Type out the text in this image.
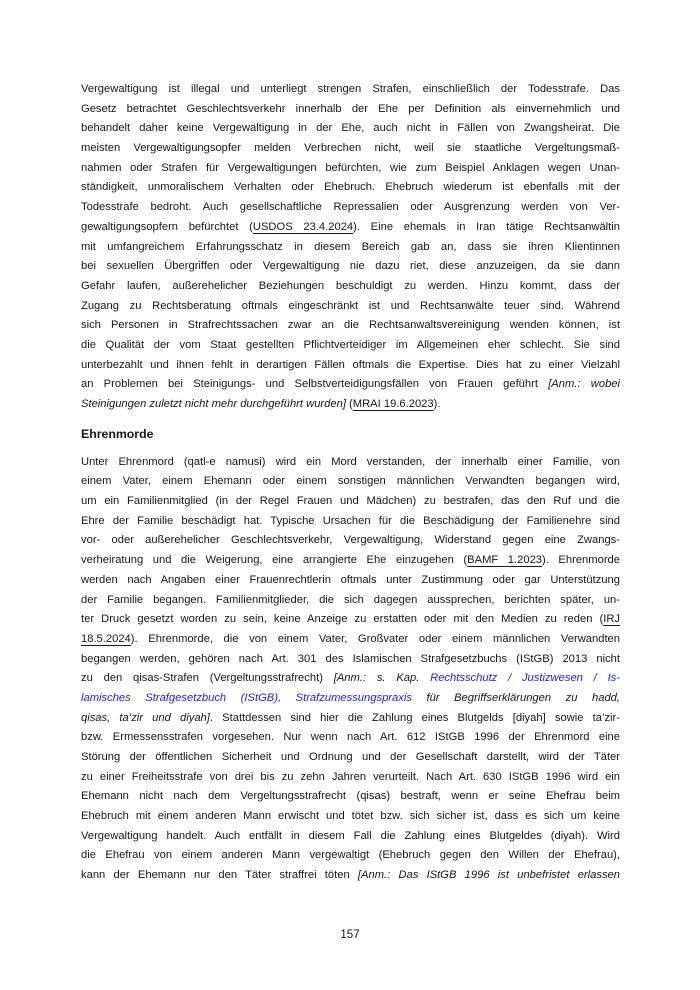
Vergewaltigung ist illegal und unterliegt strengen Strafen, einschließlich der Todesstrafe. Das
Gesetz betrachtet Geschlechtsverkehr innerhalb der Ehe per Definition als einvernehmlich und
behandelt daher keine Vergewaltigung in der Ehe, auch nicht in Fällen von Zwangsheirat. Die
meisten Vergewaltigungsopfer melden Verbrechen nicht, weil sie staatliche Vergeltungsmaß-
nahmen oder Strafen für Vergewaltigungen befürchten, wie zum Beispiel Anklagen wegen Unan-
ständigkeit, unmoralischem Verhalten oder Ehebruch. Ehebruch wiederum ist ebenfalls mit der
Todesstrafe bedroht. Auch gesellschaftliche Repressalien oder Ausgrenzung werden von Ver-
gewaltigungsopfern befürchtet (USDOS 23.4.2024). Eine ehemals in Iran tätige Rechtsanwältin
mit umfangreichem Erfahrungsschatz in diesem Bereich gab an, dass sie ihren Klientinnen
bei sexuellen Übergriffen oder Vergewaltigung nie dazu riet, diese anzuzeigen, da sie dann
Gefahr laufen, außerehelicher Beziehungen beschuldigt zu werden. Hinzu kommt, dass der
Zugang zu Rechtsberatung oftmals eingeschränkt ist und Rechtsanwälte teuer sind. Während
sich Personen in Strafrechtssachen zwar an die Rechtsanwaltsvereinigung wenden können, ist
die Qualität der vom Staat gestellten Pflichtverteidiger im Allgemeinen eher schlecht. Sie sind
unterbezahlt und ihnen fehlt in derartigen Fällen oftmals die Expertise. Dies hat zu einer Vielzahl
an Problemen bei Steinigungs- und Selbstverteidigungsfällen von Frauen geführt [Anm.: wobei
Steinigungen zuletzt nicht mehr durchgeführt wurden] (MRAI 19.6.2023).
Ehrenmorde
Unter Ehrenmord (qatl-e namusi) wird ein Mord verstanden, der innerhalb einer Familie, von
einem Vater, einem Ehemann oder einem sonstigen männlichen Verwandten begangen wird,
um ein Familienmitglied (in der Regel Frauen und Mädchen) zu bestrafen, das den Ruf und die
Ehre der Familie beschädigt hat. Typische Ursachen für die Beschädigung der Familienehre sind
vor- oder außerehelicher Geschlechtsverkehr, Vergewaltigung, Widerstand gegen eine Zwangs-
verheiratung und die Weigerung, eine arrangierte Ehe einzugehen (BAMF 1.2023). Ehrenmorde
werden nach Angaben einer Frauenrechtlerin oftmals unter Zustimmung oder gar Unterstützung
der Familie begangen. Familienmitglieder, die sich dagegen aussprechen, berichten später, un-
ter Druck gesetzt worden zu sein, keine Anzeige zu erstatten oder mit den Medien zu reden (IRJ
18.5.2024). Ehrenmorde, die von einem Vater, Großvater oder einem männlichen Verwandten
begangen werden, gehören nach Art. 301 des Islamischen Strafgesetzbuchs (IStGB) 2013 nicht
zu den qisas-Strafen (Vergeltungsstrafrecht) [Anm.: s. Kap. Rechtsschutz / Justizwesen / Is-
lamisches Strafgesetzbuch (IStGB), Strafzumessungspraxis für Begriffserklärungen zu hadd,
qisas, ta’zir und diyah]. Stattdessen sind hier die Zahlung eines Blutgelds [diyah] sowie ta’zir-
bzw. Ermessensstrafen vorgesehen. Nur wenn nach Art. 612 IStGB 1996 der Ehrenmord eine
Störung der öffentlichen Sicherheit und Ordnung und der Gesellschaft darstellt, wird der Täter
zu einer Freiheitsstrafe von drei bis zu zehn Jahren verurteilt. Nach Art. 630 IStGB 1996 wird ein
Ehemann nicht nach dem Vergeltungsstrafrecht (qisas) bestraft, wenn er seine Ehefrau beim
Ehebruch mit einem anderen Mann erwischt und tötet bzw. sich sicher ist, dass es sich um keine
Vergewaltigung handelt. Auch entfällt in diesem Fall die Zahlung eines Blutgeldes (diyah). Wird
die Ehefrau von einem anderen Mann vergewaltigt (Ehebruch gegen den Willen der Ehefrau),
kann der Ehemann nur den Täter straffrei töten [Anm.: Das IStGB 1996 ist unbefristet erlassen
157
